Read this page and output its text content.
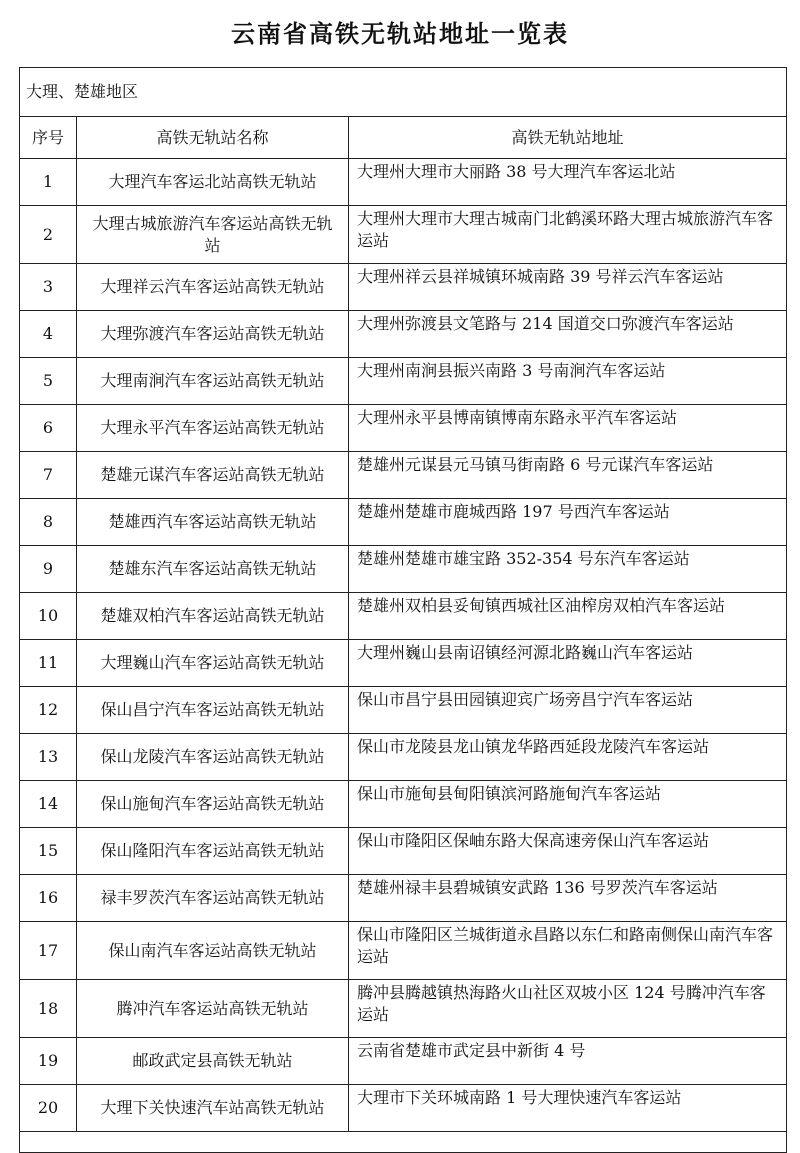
云南省高铁无轨站地址一览表
大理、楚雄地区		
序号	高铁无轨站名称	高铁无轨站地址
1	大理汽车客运北站高铁无轨站	大理州大理市大丽路 38 号大理汽车客运北站
2	大理古城旅游汽车客运站高铁无轨站	大理州大理市大理古城南门北鹤溪环路大理古城旅游汽车客运站
3	大理祥云汽车客运站高铁无轨站	大理州祥云县祥城镇环城南路 39 号祥云汽车客运站
4	大理弥渡汽车客运站高铁无轨站	大理州弥渡县文笔路与 214 国道交口弥渡汽车客运站
5	大理南涧汽车客运站高铁无轨站	大理州南涧县振兴南路 3 号南涧汽车客运站
6	大理永平汽车客运站高铁无轨站	大理州永平县博南镇博南东路永平汽车客运站
7	楚雄元谋汽车客运站高铁无轨站	楚雄州元谋县元马镇马街南路 6 号元谋汽车客运站
8	楚雄西汽车客运站高铁无轨站	楚雄州楚雄市鹿城西路 197 号西汽车客运站
9	楚雄东汽车客运站高铁无轨站	楚雄州楚雄市雄宝路 352-354 号东汽车客运站
10	楚雄双柏汽车客运站高铁无轨站	楚雄州双柏县妥甸镇西城社区油榨房双柏汽车客运站
11	大理巍山汽车客运站高铁无轨站	大理州巍山县南诏镇经河源北路巍山汽车客运站
12	保山昌宁汽车客运站高铁无轨站	保山市昌宁县田园镇迎宾广场旁昌宁汽车客运站
13	保山龙陵汽车客运站高铁无轨站	保山市龙陵县龙山镇龙华路西延段龙陵汽车客运站
14	保山施甸汽车客运站高铁无轨站	保山市施甸县甸阳镇滨河路施甸汽车客运站
15	保山隆阳汽车客运站高铁无轨站	保山市隆阳区保岫东路大保高速旁保山汽车客运站
16	禄丰罗茨汽车客运站高铁无轨站	楚雄州禄丰县碧城镇安武路 136 号罗茨汽车客运站
17	保山南汽车客运站高铁无轨站	保山市隆阳区兰城街道永昌路以东仁和路南侧保山南汽车客运站
18	腾冲汽车客运站高铁无轨站	腾冲县腾越镇热海路火山社区双坡小区 124 号腾冲汽车客运站
19	邮政武定县高铁无轨站	云南省楚雄市武定县中新街 4 号
20	大理下关快速汽车站高铁无轨站	大理市下关环城南路 1 号大理快速汽车客运站
